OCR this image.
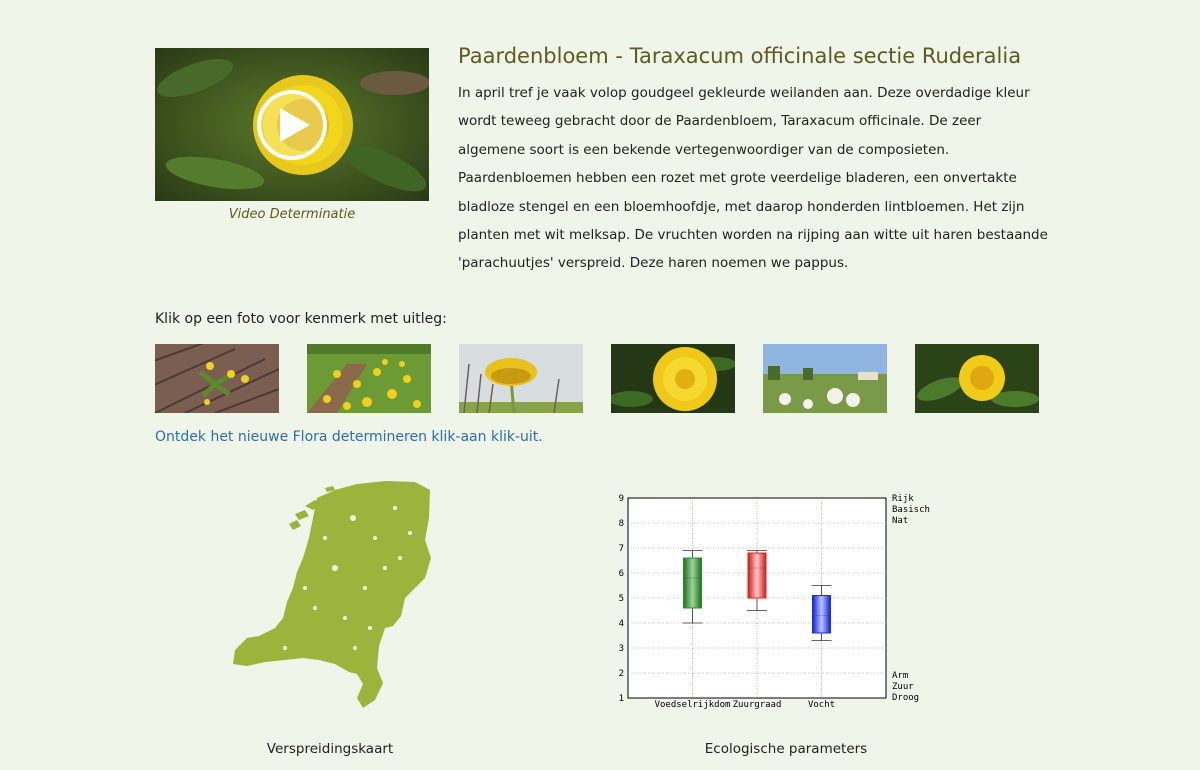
Video Determinatie
Paardenbloem - Taraxacum officinale sectie Ruderalia

In april tref je vaak volop goudgeel gekleurde weilanden aan. Deze overdadige kleur wordt teweeg gebracht door de Paardenbloem, Taraxacum officinale. De zeer algemene soort is een bekende vertegenwoordiger van de composieten. Paardenbloemen hebben een rozet met grote veerdelige bladeren, een onvertakte bladloze stengel en een bloemhoofdje, met daarop honderden lintbloemen. Het zijn planten met wit melksap. De vruchten worden na rijping aan witte uit haren bestaande 'parachuutjes' verspreid. Deze haren noemen we pappus.

Klik op een foto voor kenmerk met uitleg:
Ontdek het nieuwe Flora determineren klik-aan klik-uit.
Verspreidingskaart
1
2
3
4
5
6
7
8
9
Voedselrijkdom Zuurgraad	Vocht
Rijk
Basisch
Nat
Arm
Zuur
Droog
Ecologische parameters
